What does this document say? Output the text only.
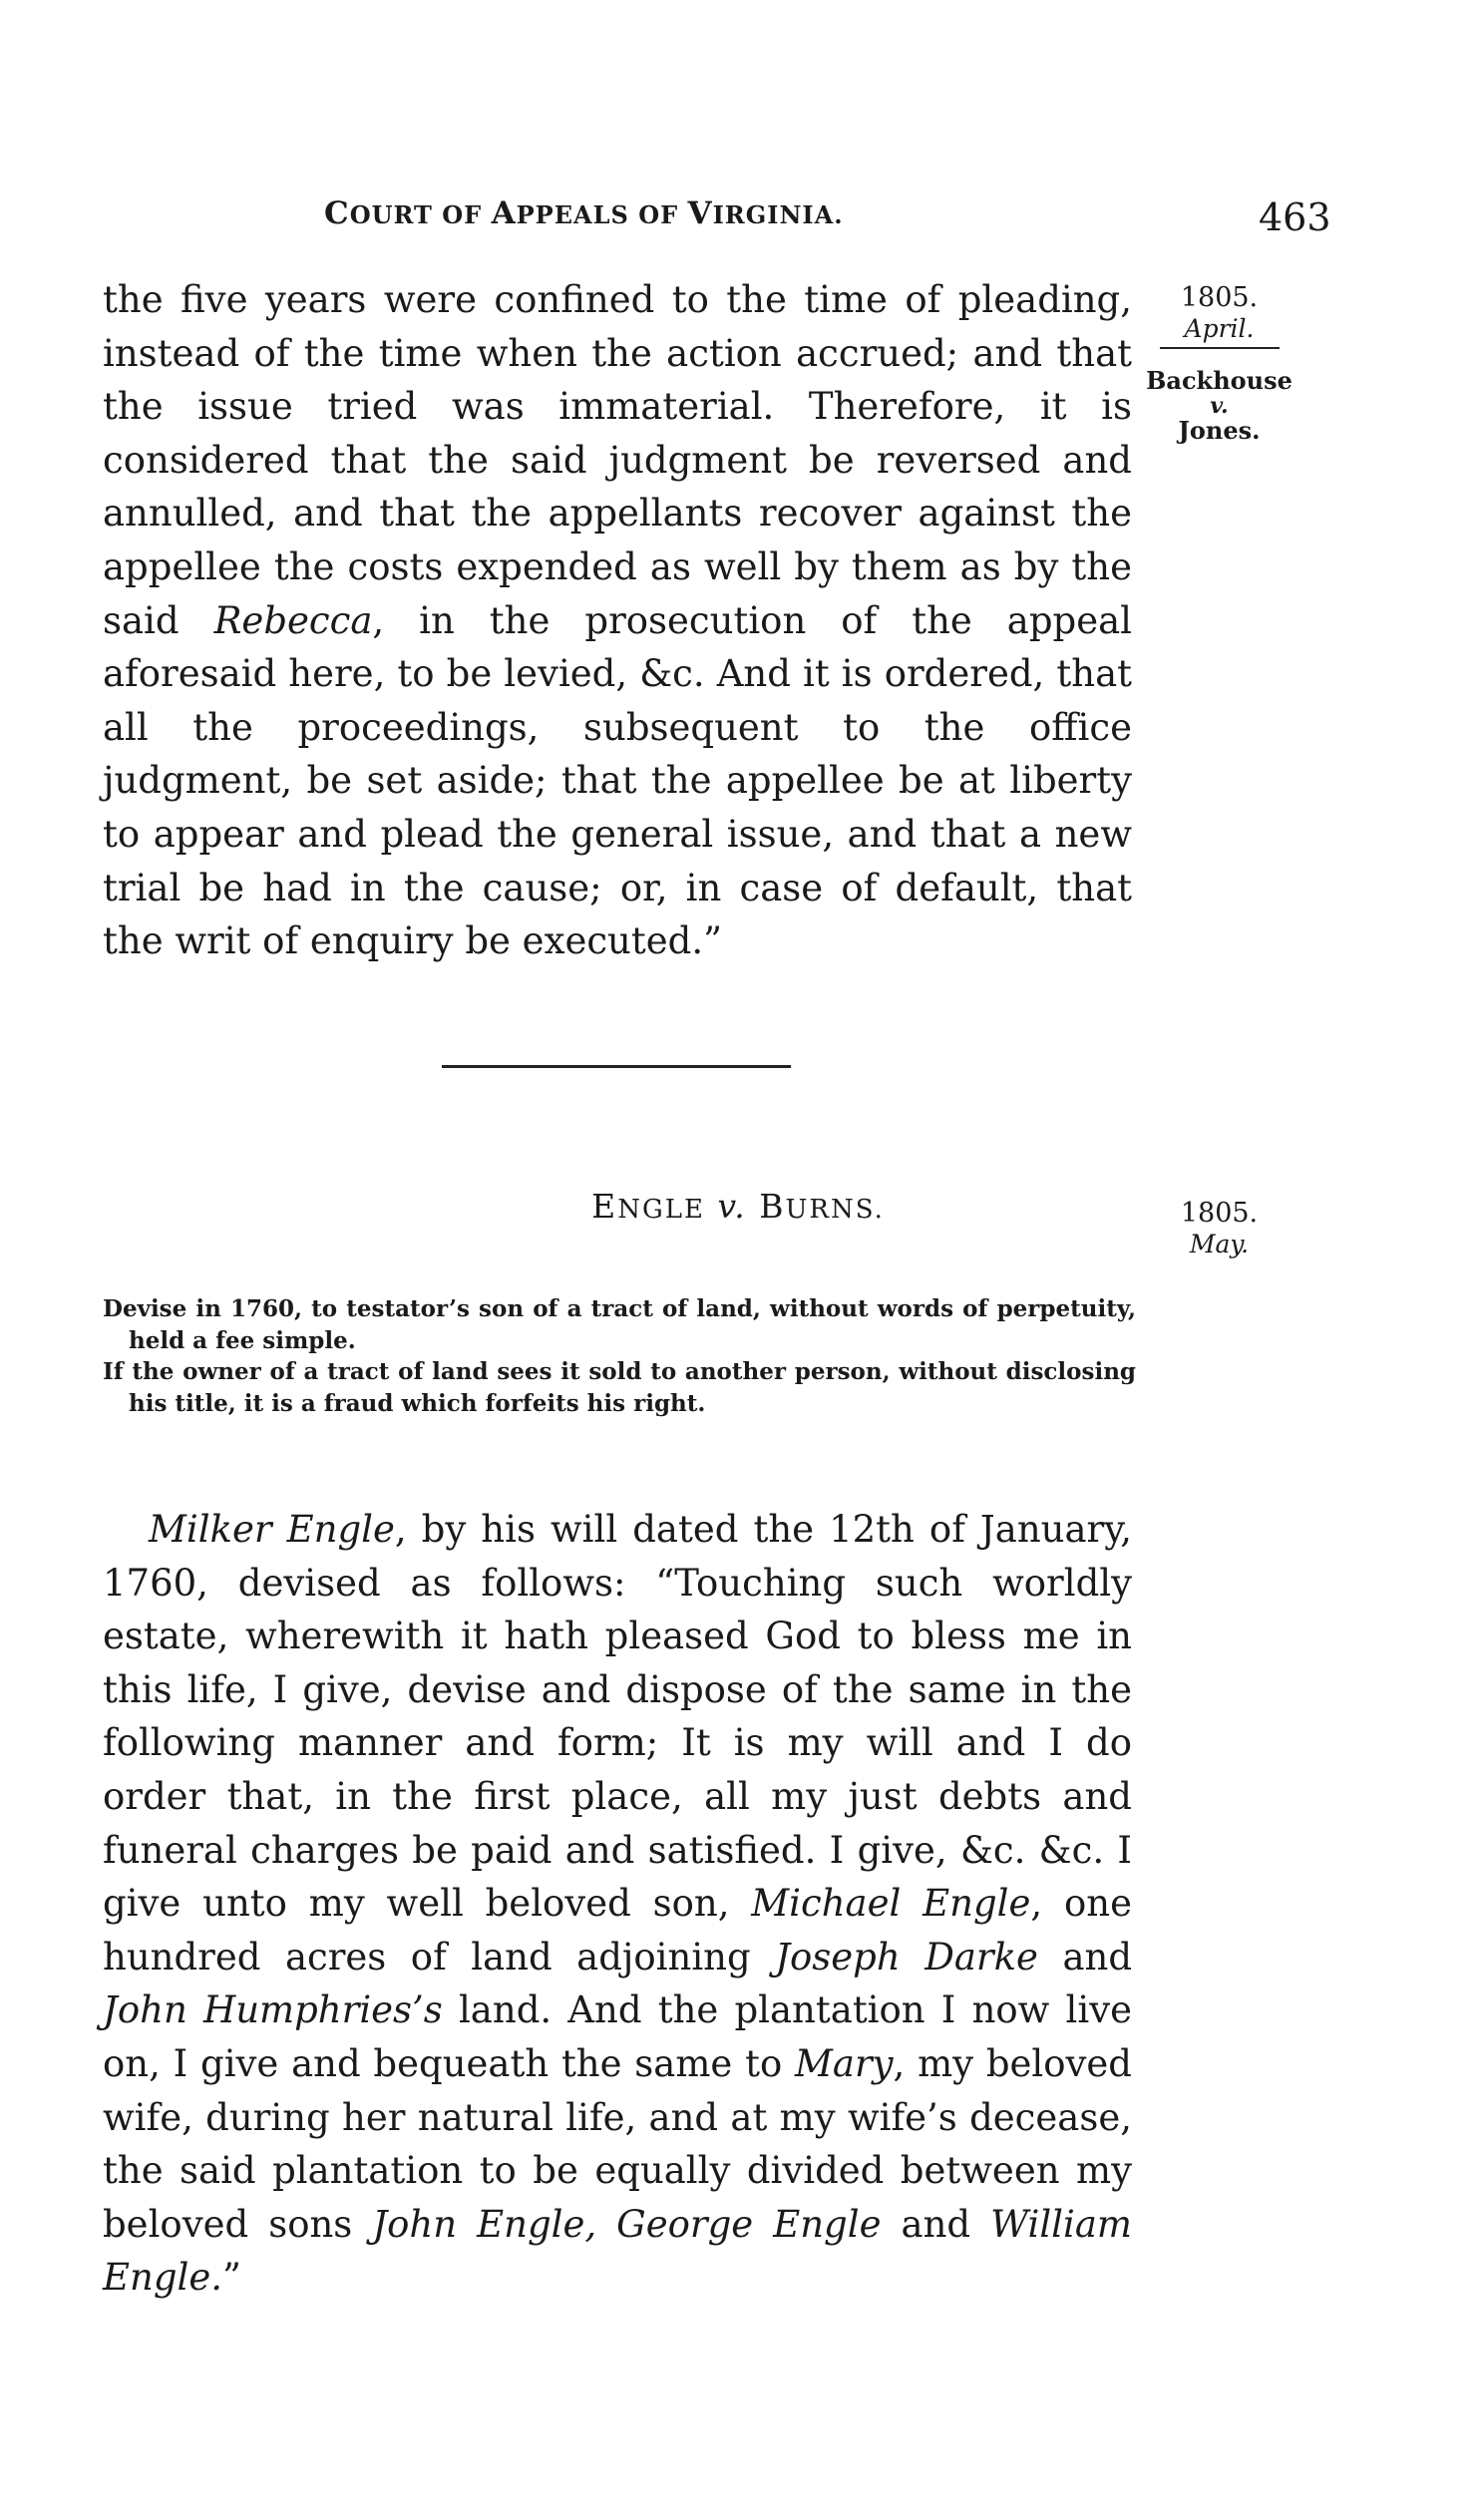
COURT OF APPEALS OF VIRGINIA.	463

the five years were confined to the time of pleading, instead of the time when the action accrued; and that the issue tried was immaterial. Therefore, it is considered that the said judgment be reversed and annulled, and that the appellants recover against the appellee the costs expended as well by them as by the said Rebecca, in the prosecution of the appeal aforesaid here, to be levied, &c. And it is ordered, that all the proceedings, subsequent to the office judgment, be set aside; that the appellee be at liberty to appear and plead the general issue, and that a new trial be had in the cause; or, in case of default, that the writ of enquiry be executed.”

1805.
April.
Backhouse
v.
Jones.
ENGLE v. BURNS.	1805.
May.

Devise in 1760, to testator’s son of a tract of land, without words of perpetuity, held a fee simple.

If the owner of a tract of land sees it sold to another person, without disclosing his title, it is a fraud which forfeits his right.

Milker Engle, by his will dated the 12th of January, 1760, devised as follows: “Touching such worldly estate, wherewith it hath pleased God to bless me in this life, I give, devise and dispose of the same in the following manner and form; It is my will and I do order that, in the first place, all my just debts and funeral charges be paid and satisfied. I give, &c. &c. I give unto my well beloved son, Michael Engle, one hundred acres of land adjoining Joseph Darke and John Humphries’s land. And the plantation I now live on, I give and bequeath the same to Mary, my beloved wife, during her natural life, and at my wife’s decease, the said plantation to be equally divided between my beloved sons John Engle, George Engle and William Engle.”
